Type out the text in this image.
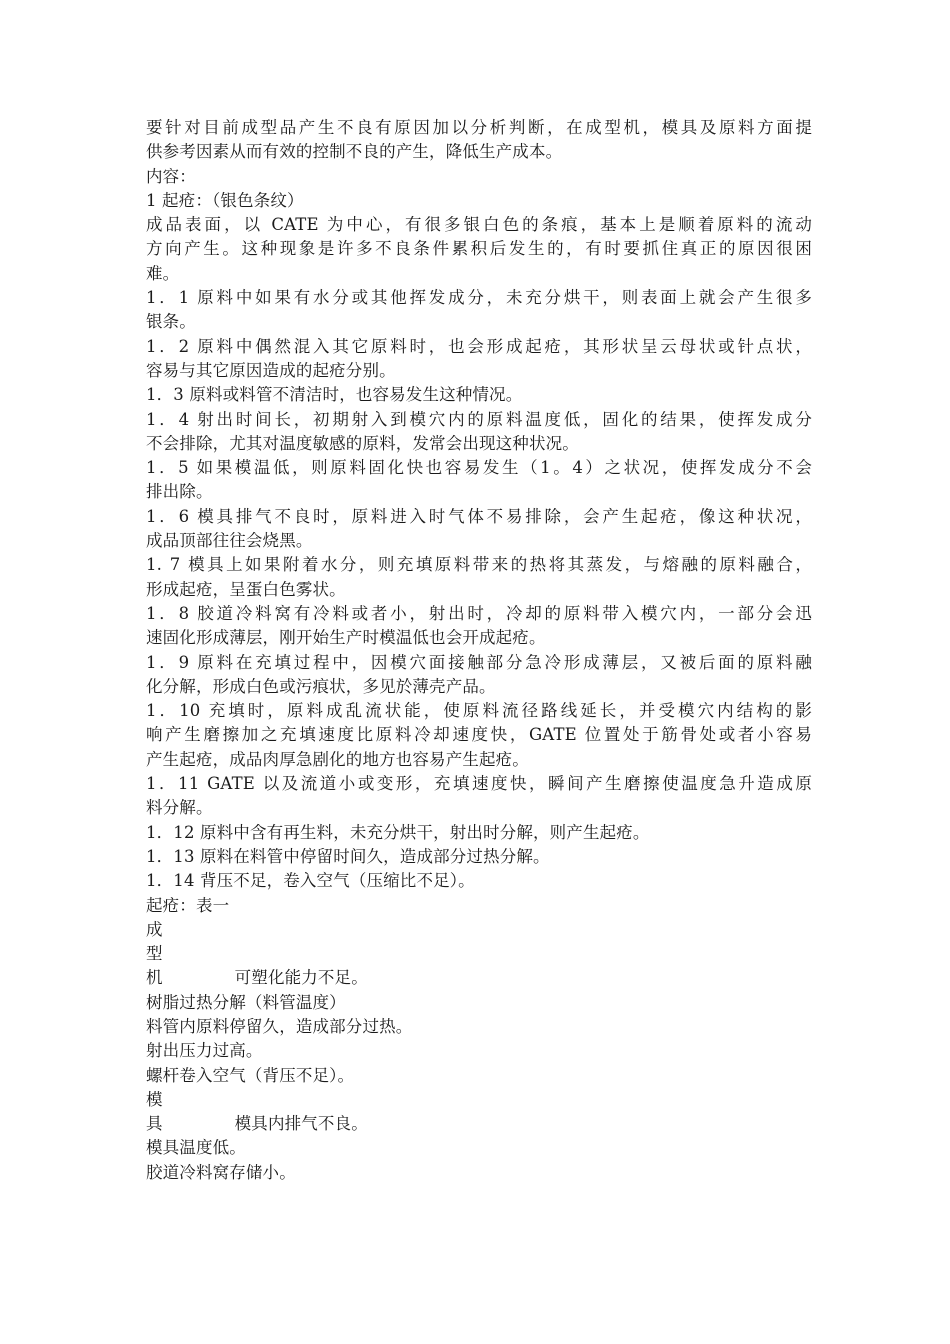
要针对目前成型品产生不良有原因加以分析判断，在成型机，模具及原料方面提
供参考因素从而有效的控制不良的产生，降低生产成本。
内容：
1 起疮：（银色条纹）
成品表面，以 CATE 为中心，有很多银白色的条痕，基本上是顺着原料的流动
方向产生。这种现象是许多不良条件累积后发生的，有时要抓住真正的原因很困
难。
1．1 原料中如果有水分或其他挥发成分，未充分烘干，则表面上就会产生很多
银条。
1．2 原料中偶然混入其它原料时，也会形成起疮，其形状呈云母状或针点状，
容易与其它原因造成的起疮分别。
1．3 原料或料管不清洁时，也容易发生这种情况。
1．4 射出时间长，初期射入到模穴内的原料温度低，固化的结果，使挥发成分
不会排除，尤其对温度敏感的原料，发常会出现这种状况。
1．5 如果模温低，则原料固化快也容易发生（1。4）之状况，使挥发成分不会
排出除。
1．6 模具排气不良时，原料进入时气体不易排除，会产生起疮，像这种状况，
成品顶部往往会烧黑。
1. 7 模具上如果附着水分，则充填原料带来的热将其蒸发，与熔融的原料融合，
形成起疮，呈蛋白色雾状。
1．8 胶道冷料窝有冷料或者小，射出时，冷却的原料带入模穴内，一部分会迅
速固化形成薄层，刚开始生产时模温低也会开成起疮。
1．9 原料在充填过程中，因模穴面接触部分急冷形成薄层，又被后面的原料融
化分解，形成白色或污痕状，多见於薄壳产品。
1．10 充填时，原料成乱流状能，使原料流径路线延长，并受模穴内结构的影
响产生磨擦加之充填速度比原料冷却速度快，GATE 位置处于筋骨处或者小容易
产生起疮，成品肉厚急剧化的地方也容易产生起疮。
1．11 GATE 以及流道小或变形，充填速度快，瞬间产生磨擦使温度急升造成原
料分解。
1．12 原料中含有再生料，未充分烘干，射出时分解，则产生起疮。
1．13 原料在料管中停留时间久，造成部分过热分解。
1．14 背压不足，卷入空气（压缩比不足）。
起疮：表一
成
型
机	可塑化能力不足。
树脂过热分解（料管温度）
料管内原料停留久，造成部分过热。
射出压力过高。
螺杆卷入空气（背压不足）。
模
具	模具内排气不良。
模具温度低。
胶道冷料窝存储小。
